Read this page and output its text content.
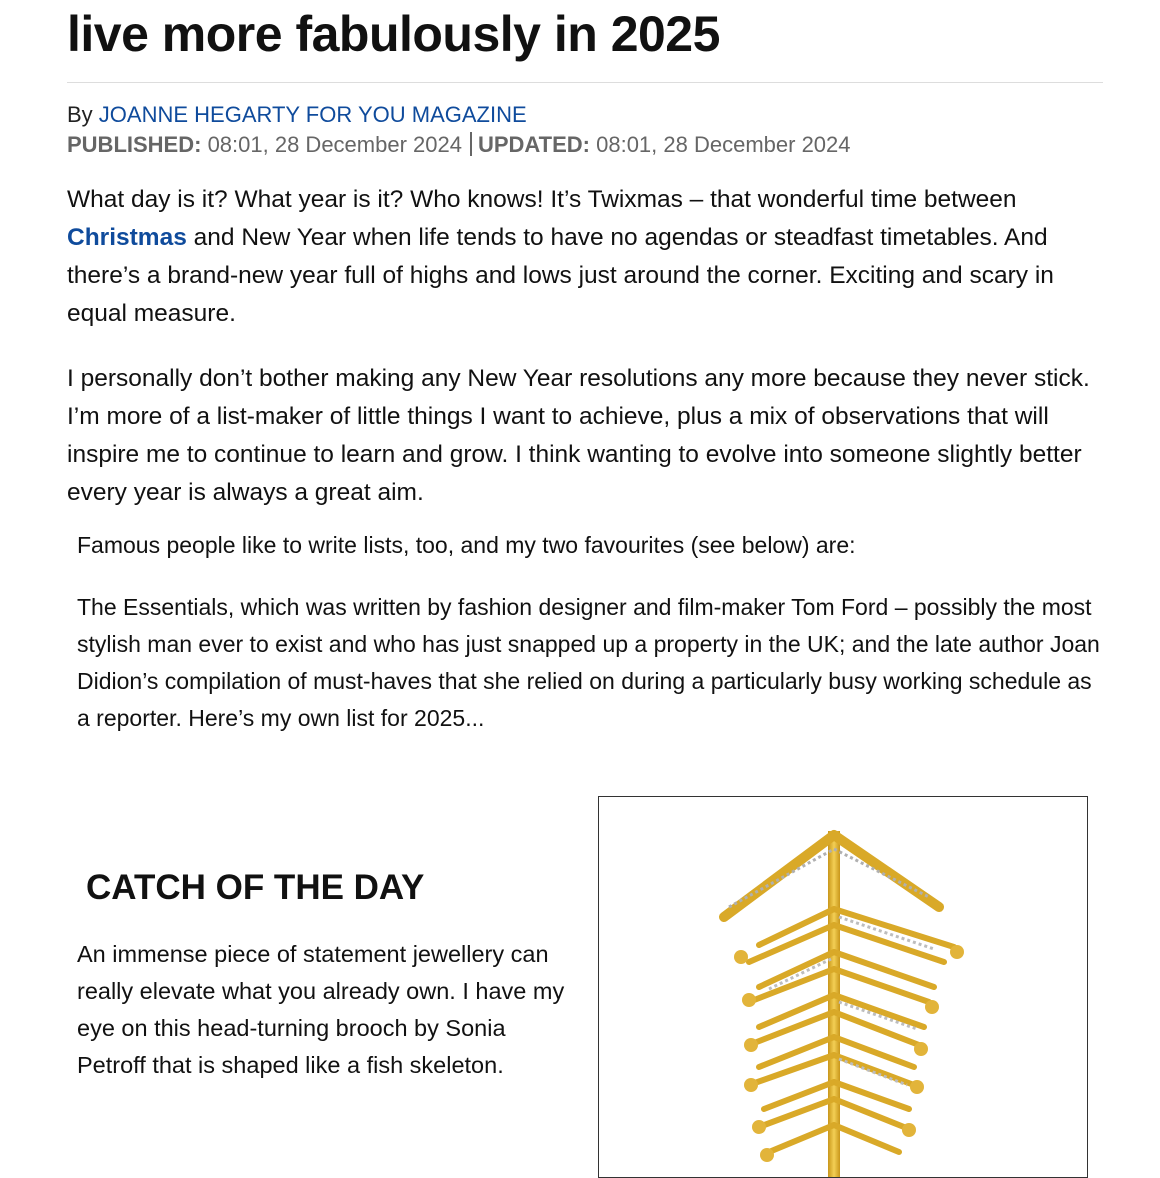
live more fabulously in 2025
By JOANNE HEGARTY FOR YOU MAGAZINE
PUBLISHED: 08:01, 28 December 2024 UPDATED: 08:01, 28 December 2024

What day is it? What year is it? Who knows! It’s Twixmas – that wonderful time between Christmas and New Year when life tends to have no agendas or steadfast timetables. And there’s a brand-new year full of highs and lows just around the corner. Exciting and scary in equal measure.

I personally don’t bother making any New Year resolutions any more because they never stick. I’m more of a list-maker of little things I want to achieve, plus a mix of observations that will inspire me to continue to learn and grow. I think wanting to evolve into someone slightly better every year is always a great aim.

Famous people like to write lists, too, and my two favourites (see below) are:

The Essentials, which was written by fashion designer and film-maker Tom Ford – possibly the most stylish man ever to exist and who has just snapped up a property in the UK; and the late author Joan Didion’s compilation of must-haves that she relied on during a particularly busy working schedule as a reporter. Here’s my own list for 2025...

CATCH OF THE DAY

An immense piece of statement jewellery can really elevate what you already own. I have my eye on this head-turning brooch by Sonia Petroff that is shaped like a fish skeleton.
